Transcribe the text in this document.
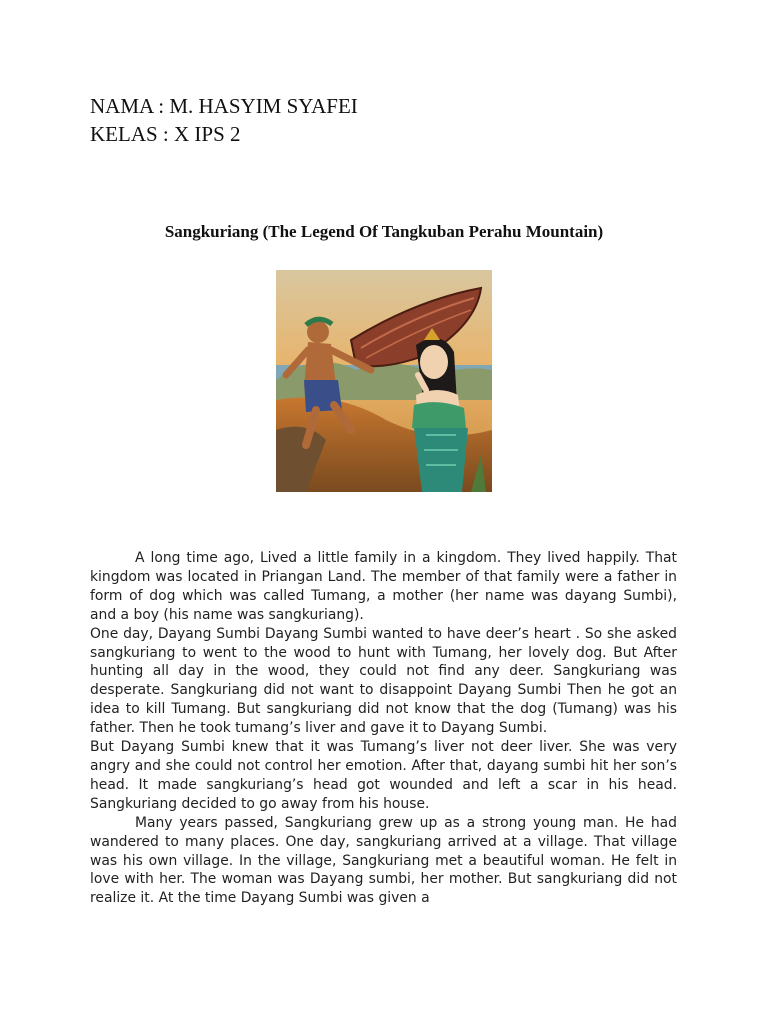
NAMA : M. HASYIM SYAFEI
KELAS : X IPS 2
Sangkuriang (The Legend Of Tangkuban Perahu Mountain)

A long time ago, Lived a little family in a kingdom. They lived happily. That kingdom was located in Priangan Land. The member of that family were a father in form of dog which was called Tumang, a mother (her name was dayang Sumbi), and a boy (his name was sangkuriang).

One day, Dayang Sumbi Dayang Sumbi wanted to have deer’s heart . So she asked sangkuriang to went to the wood to hunt with Tumang, her lovely dog. But After hunting all day in the wood, they could not find any deer. Sangkuriang was desperate. Sangkuriang did not want to disappoint Dayang Sumbi Then he got an idea to kill Tumang. But sangkuriang did not know that the dog (Tumang) was his father. Then he took tumang’s liver and gave it to Dayang Sumbi.

But Dayang Sumbi knew that it was Tumang’s liver not deer liver. She was very angry and she could not control her emotion. After that, dayang sumbi hit her son’s head. It made sangkuriang’s head got wounded and left a scar in his head. Sangkuriang decided to go away from his house.

Many years passed, Sangkuriang grew up as a strong young man. He had wandered to many places. One day, sangkuriang arrived at a village. That village was his own village. In the village, Sangkuriang met a beautiful woman. He felt in love with her. The woman was Dayang sumbi, her mother. But sangkuriang did not realize it. At the time Dayang Sumbi was given a
